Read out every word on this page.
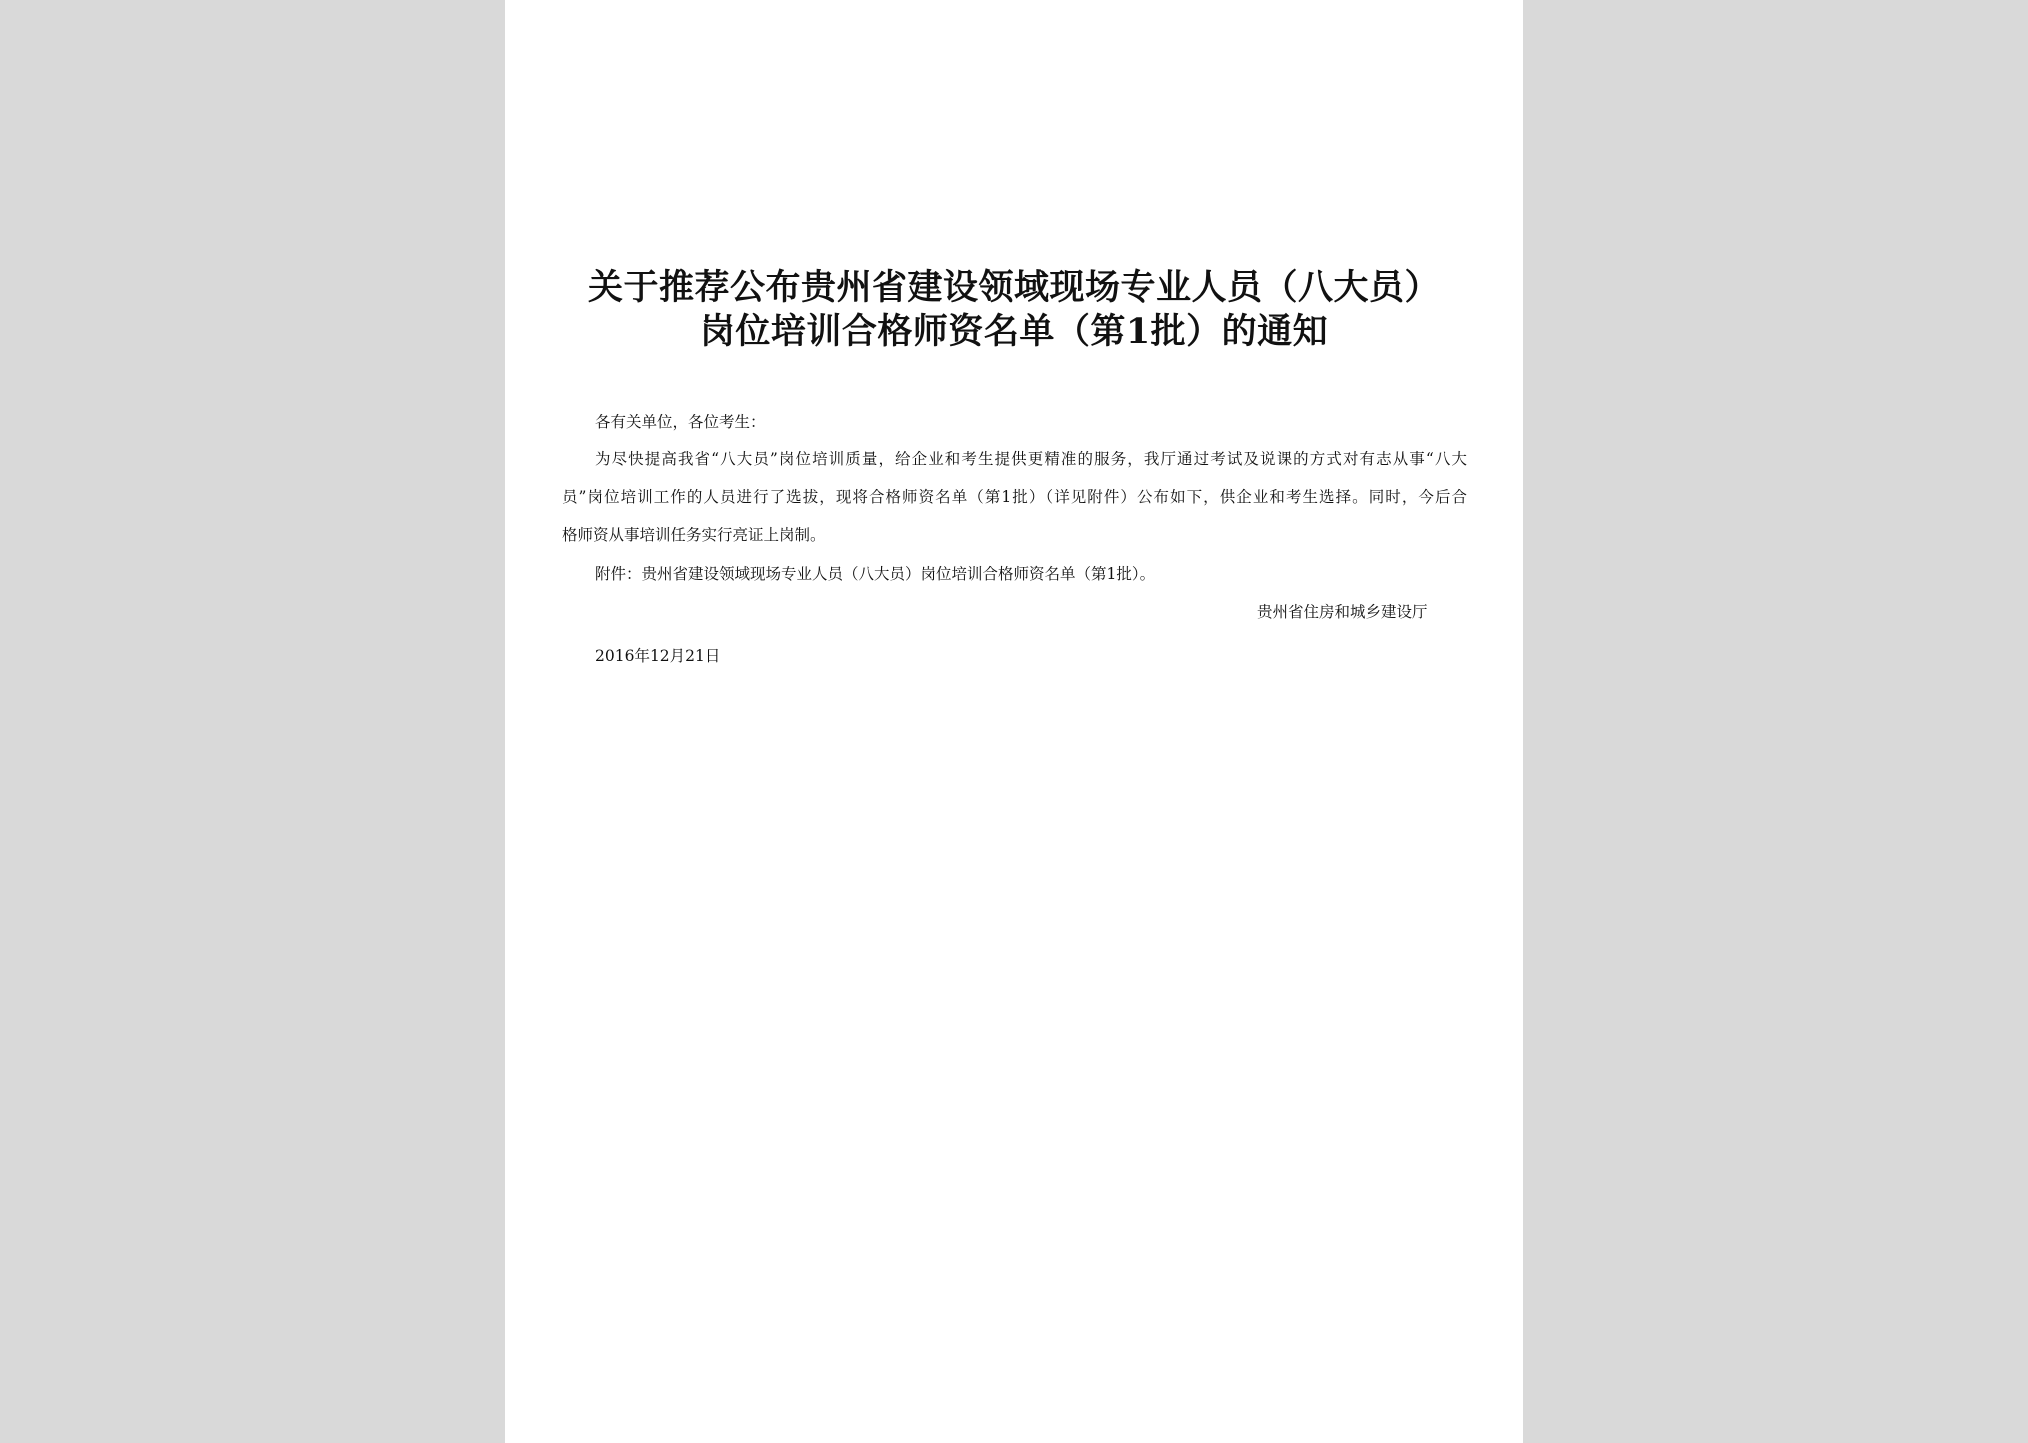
关于推荐公布贵州省建设领域现场专业人员（八大员）
岗位培训合格师资名单（第1批）的通知
各有关单位，各位考生：
为尽快提高我省“八大员”岗位培训质量，给企业和考生提供更精准的服务，我厅通过考试及说课的方式对有志从事“八大
员”岗位培训工作的人员进行了选拔，现将合格师资名单（第1批）（详见附件）公布如下，供企业和考生选择。同时，今后合
格师资从事培训任务实行亮证上岗制。
附件：贵州省建设领域现场专业人员（八大员）岗位培训合格师资名单（第1批）。
贵州省住房和城乡建设厅
2016年12月21日
